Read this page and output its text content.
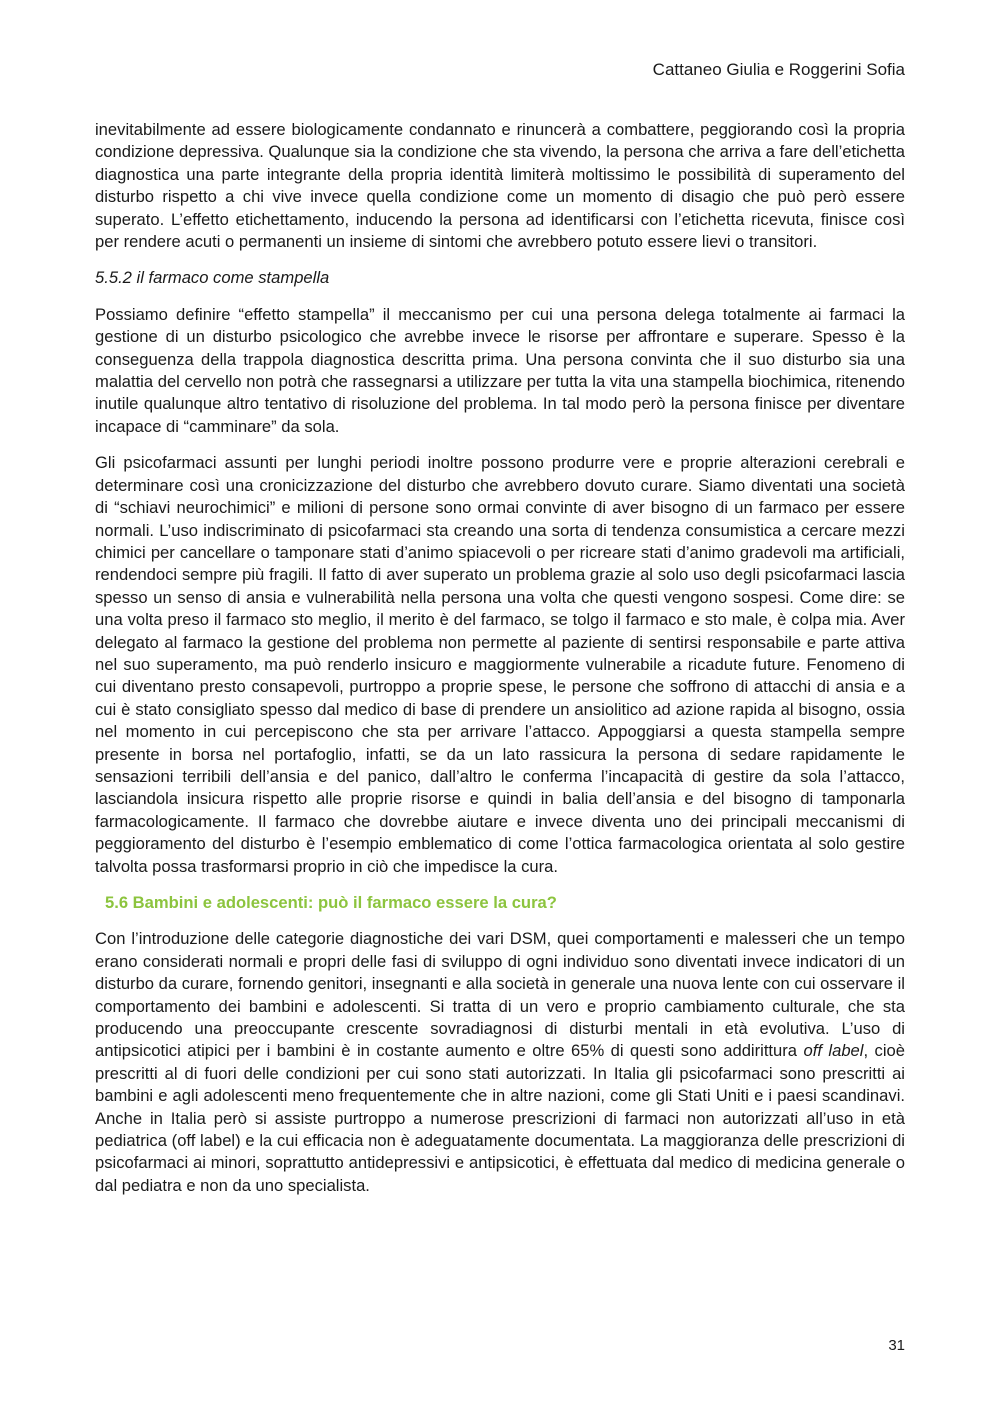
Cattaneo Giulia e Roggerini Sofia

inevitabilmente ad essere biologicamente condannato e rinuncerà a combattere, peggiorando così la propria condizione depressiva. Qualunque sia la condizione che sta vivendo, la persona che arriva a fare dell’etichetta diagnostica una parte integrante della propria identità limiterà moltissimo le possibilità di superamento del disturbo rispetto a chi vive invece quella condizione come un momento di disagio che può però essere superato. L’effetto etichettamento, inducendo la persona ad identificarsi con l’etichetta ricevuta, finisce così per rendere acuti o permanenti un insieme di sintomi che avrebbero potuto essere lievi o transitori.

5.5.2 il farmaco come stampella

Possiamo definire “effetto stampella” il meccanismo per cui una persona delega totalmente ai farmaci la gestione di un disturbo psicologico che avrebbe invece le risorse per affrontare e superare. Spesso è la conseguenza della trappola diagnostica descritta prima. Una persona convinta che il suo disturbo sia una malattia del cervello non potrà che rassegnarsi a utilizzare per tutta la vita una stampella biochimica, ritenendo inutile qualunque altro tentativo di risoluzione del problema. In tal modo però la persona finisce per diventare incapace di “camminare” da sola.

Gli psicofarmaci assunti per lunghi periodi inoltre possono produrre vere e proprie alterazioni cerebrali e determinare così una cronicizzazione del disturbo che avrebbero dovuto curare. Siamo diventati una società di “schiavi neurochimici” e milioni di persone sono ormai convinte di aver bisogno di un farmaco per essere normali. L’uso indiscriminato di psicofarmaci sta creando una sorta di tendenza consumistica a cercare mezzi chimici per cancellare o tamponare stati d’animo spiacevoli o per ricreare stati d’animo gradevoli ma artificiali, rendendoci sempre più fragili. Il fatto di aver superato un problema grazie al solo uso degli psicofarmaci lascia spesso un senso di ansia e vulnerabilità nella persona una volta che questi vengono sospesi. Come dire: se una volta preso il farmaco sto meglio, il merito è del farmaco, se tolgo il farmaco e sto male, è colpa mia. Aver delegato al farmaco la gestione del problema non permette al paziente di sentirsi responsabile e parte attiva nel suo superamento, ma può renderlo insicuro e maggiormente vulnerabile a ricadute future. Fenomeno di cui diventano presto consapevoli, purtroppo a proprie spese, le persone che soffrono di attacchi di ansia e a cui è stato consigliato spesso dal medico di base di prendere un ansiolitico ad azione rapida al bisogno, ossia nel momento in cui percepiscono che sta per arrivare l’attacco. Appoggiarsi a questa stampella sempre presente in borsa nel portafoglio, infatti, se da un lato rassicura la persona di sedare rapidamente le sensazioni terribili dell’ansia e del panico, dall’altro le conferma l’incapacità di gestire da sola l’attacco, lasciandola insicura rispetto alle proprie risorse e quindi in balia dell’ansia e del bisogno di tamponarla farmacologicamente. Il farmaco che dovrebbe aiutare e invece diventa uno dei principali meccanismi di peggioramento del disturbo è l’esempio emblematico di come l’ottica farmacologica orientata al solo gestire talvolta possa trasformarsi proprio in ciò che impedisce la cura.

5.6 Bambini e adolescenti: può il farmaco essere la cura?

Con l’introduzione delle categorie diagnostiche dei vari DSM, quei comportamenti e malesseri che un tempo erano considerati normali e propri delle fasi di sviluppo di ogni individuo sono diventati invece indicatori di un disturbo da curare, fornendo genitori, insegnanti e alla società in generale una nuova lente con cui osservare il comportamento dei bambini e adolescenti. Si tratta di un vero e proprio cambiamento culturale, che sta producendo una preoccupante crescente sovradiagnosi di disturbi mentali in età evolutiva. L’uso di antipsicotici atipici per i bambini è in costante aumento e oltre 65% di questi sono addirittura off label, cioè prescritti al di fuori delle condizioni per cui sono stati autorizzati. In Italia gli psicofarmaci sono prescritti ai bambini e agli adolescenti meno frequentemente che in altre nazioni, come gli Stati Uniti e i paesi scandinavi. Anche in Italia però si assiste purtroppo a numerose prescrizioni di farmaci non autorizzati all’uso in età pediatrica (off label) e la cui efficacia non è adeguatamente documentata. La maggioranza delle prescrizioni di psicofarmaci ai minori, soprattutto antidepressivi e antipsicotici, è effettuata dal medico di medicina generale o dal pediatra e non da uno specialista.

31
